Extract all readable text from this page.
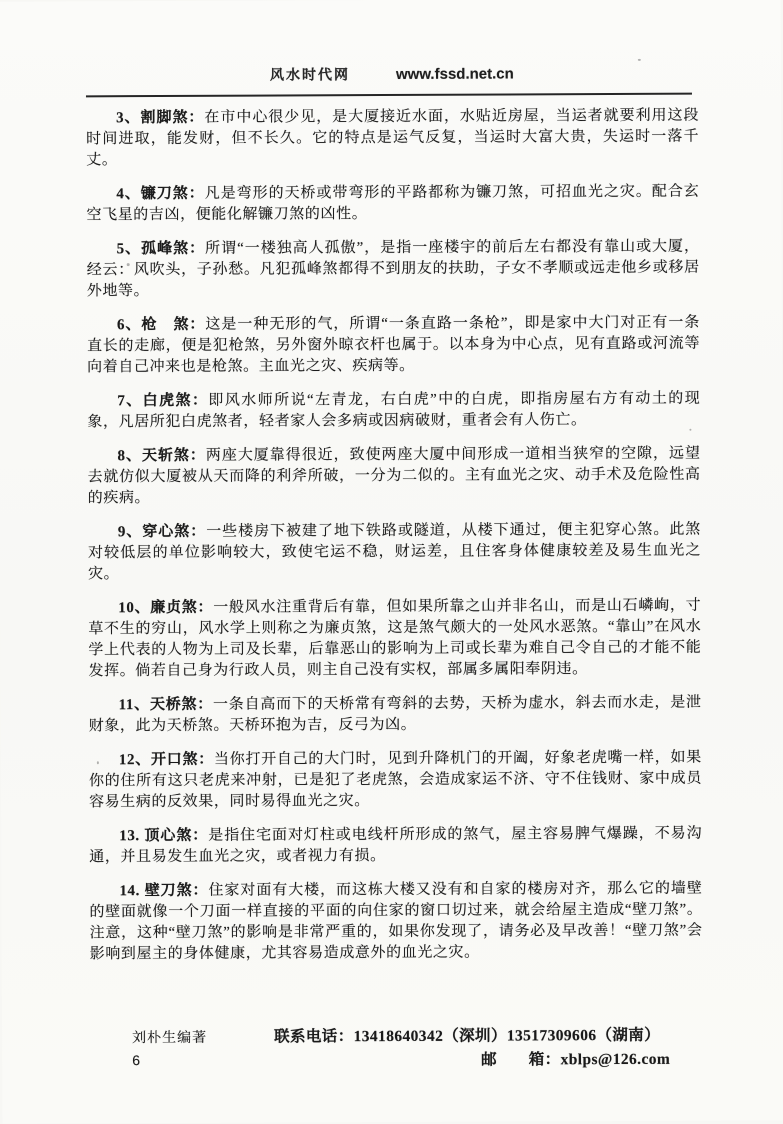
风水时代网	www.fssd.net.cn

3、割脚煞：在市中心很少见，是大厦接近水面，水贴近房屋，当运者就要利用这段时间进取，能发财，但不长久。它的特点是运气反复，当运时大富大贵，失运时一落千丈。

4、镰刀煞：凡是弯形的天桥或带弯形的平路都称为镰刀煞，可招血光之灾。配合玄空飞星的吉凶，便能化解镰刀煞的凶性。

5、孤峰煞：所谓“一楼独高人孤傲”，是指一座楼宇的前后左右都没有靠山或大厦，经云：风吹头，子孙愁。凡犯孤峰煞都得不到朋友的扶助，子女不孝顺或远走他乡或移居外地等。

6、枪　煞：这是一种无形的气，所谓“一条直路一条枪”，即是家中大门对正有一条直长的走廊，便是犯枪煞，另外窗外晾衣杆也属于。以本身为中心点，见有直路或河流等向着自己冲来也是枪煞。主血光之灾、疾病等。

7、白虎煞：即风水师所说“左青龙，右白虎”中的白虎，即指房屋右方有动土的现象，凡居所犯白虎煞者，轻者家人会多病或因病破财，重者会有人伤亡。

8、天斩煞：两座大厦靠得很近，致使两座大厦中间形成一道相当狭窄的空隙，远望去就仿似大厦被从天而降的利斧所破，一分为二似的。主有血光之灾、动手术及危险性高的疾病。

9、穿心煞：一些楼房下被建了地下铁路或隧道，从楼下通过，便主犯穿心煞。此煞对较低层的单位影响较大，致使宅运不稳，财运差，且住客身体健康较差及易生血光之灾。

10、廉贞煞：一般风水注重背后有靠，但如果所靠之山并非名山，而是山石嶙峋，寸草不生的穷山，风水学上则称之为廉贞煞，这是煞气颇大的一处风水恶煞。“靠山”在风水学上代表的人物为上司及长辈，后靠恶山的影响为上司或长辈为难自己令自己的才能不能发挥。倘若自己身为行政人员，则主自己没有实权，部属多属阳奉阴违。

11、天桥煞：一条自高而下的天桥常有弯斜的去势，天桥为虚水，斜去而水走，是泄财象，此为天桥煞。天桥环抱为吉，反弓为凶。

12、开口煞：当你打开自己的大门时，见到升降机门的开阖，好象老虎嘴一样，如果你的住所有这只老虎来冲射，已是犯了老虎煞，会造成家运不济、守不住钱财、家中成员容易生病的反效果，同时易得血光之灾。

13. 顶心煞：是指住宅面对灯柱或电线杆所形成的煞气，屋主容易脾气爆躁，不易沟通，并且易发生血光之灾，或者视力有损。

14. 壁刀煞：住家对面有大楼，而这栋大楼又没有和自家的楼房对齐，那么它的墙壁的壁面就像一个刀面一样直接的平面的向住家的窗口切过来，就会给屋主造成“壁刀煞”。注意，这种“壁刀煞”的影响是非常严重的，如果你发现了，请务必及早改善！“壁刀煞”会影响到屋主的身体健康，尤其容易造成意外的血光之灾。

刘朴生编著
6
联系电话：13418640342（深圳）13517309606（湖南）
邮　　箱：xblps@126.com
